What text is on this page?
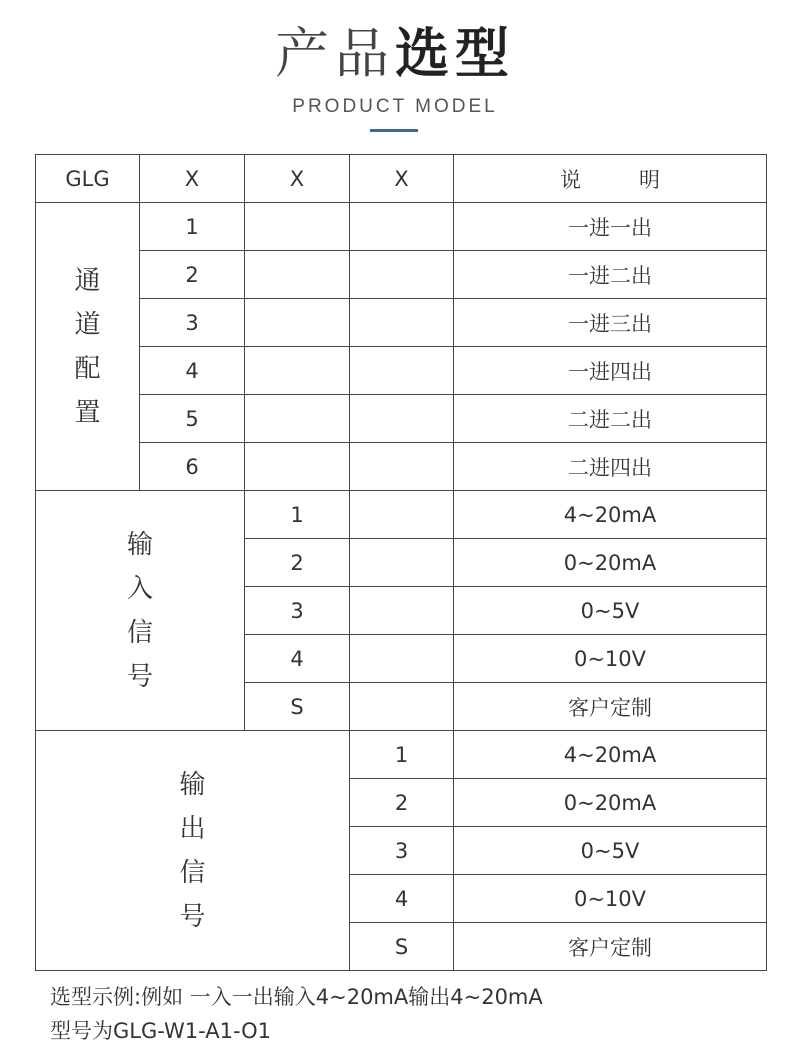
产品选型
PRODUCT MODEL
GLG	X	X	X	说 明
通道配置	1			一进一出
	2			一进二出
	3			一进三出
	4			一进四出
	5			二进二出
	6			二进四出
输入信号		1		4~20mA
		2		0~20mA
		3		0~5V
		4		0~10V
		S		客户定制
输出信号			1	4~20mA
			2	0~20mA
			3	0~5V
			4	0~10V
			S	客户定制
选型示例:例如 一入一出输入4~20mA输出4~20mA
型号为GLG-W1-A1-O1
